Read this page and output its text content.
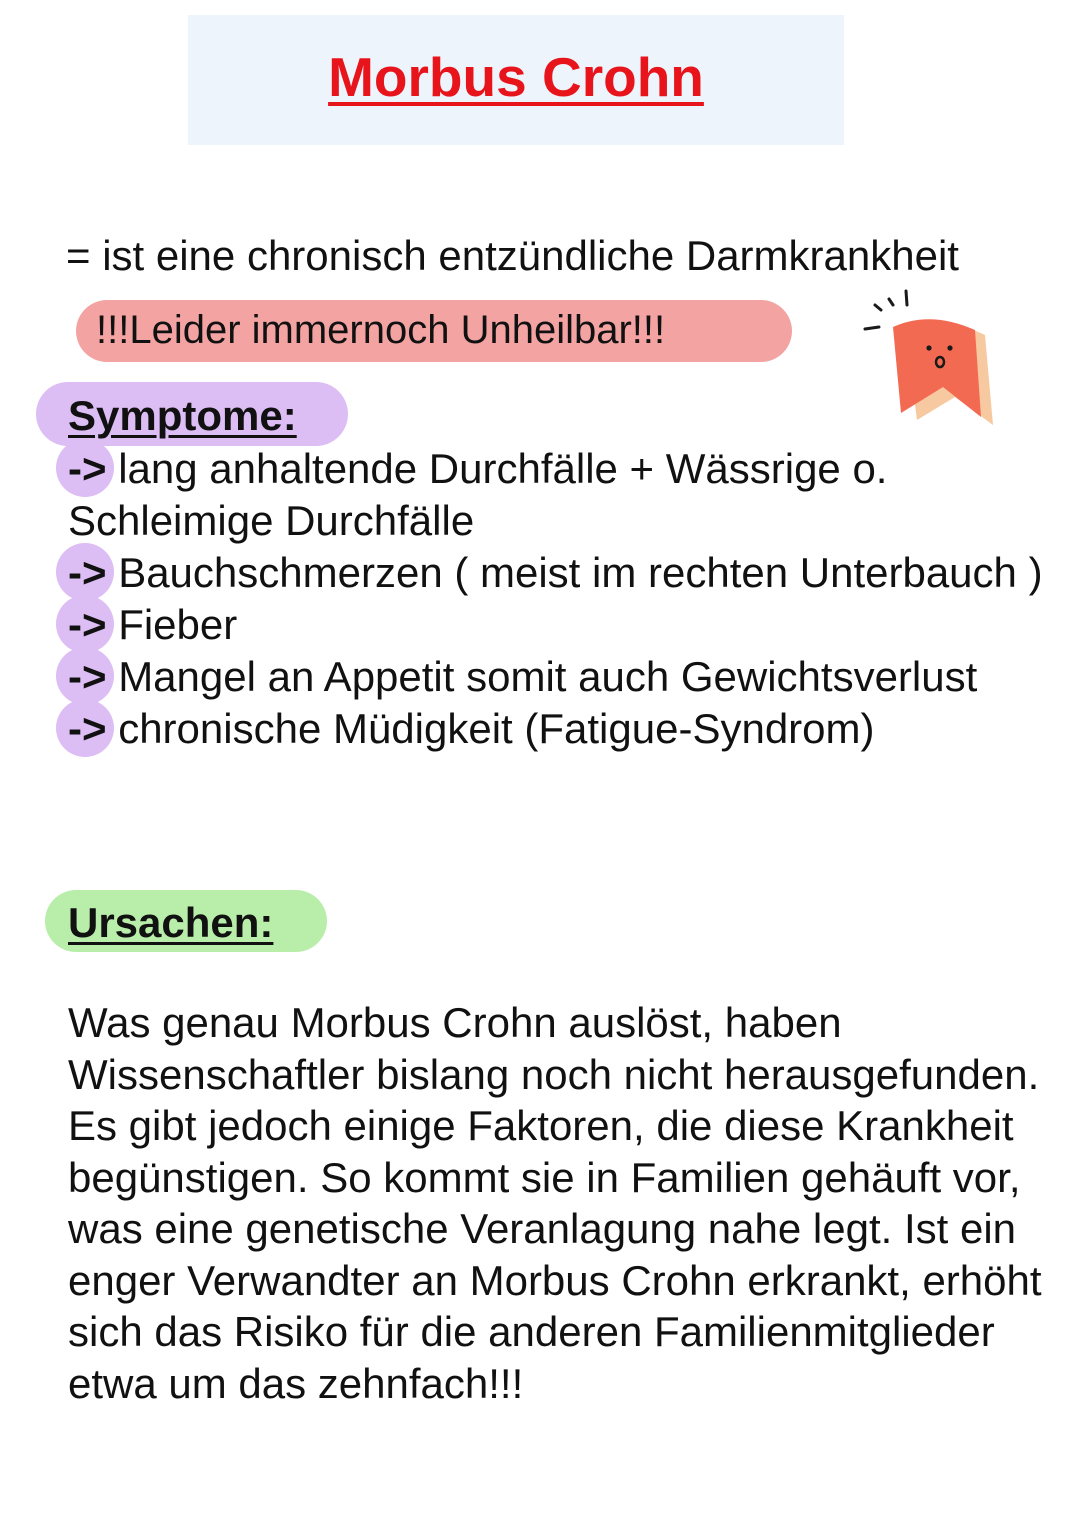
Morbus Crohn
= ist eine chronisch entzündliche Darmkrankheit
!!!Leider immernoch Unheilbar!!!
Symptome:

-> lang anhaltende Durchfälle + Wässrige o. Schleimige Durchfälle

-> Bauchschmerzen ( meist im rechten Unterbauch )

-> Fieber

-> Mangel an Appetit somit auch Gewichtsverlust

-> chronische Müdigkeit (Fatigue-Syndrom)

Ursachen:
Was genau Morbus Crohn auslöst, haben Wissenschaftler bislang noch nicht herausgefunden. Es gibt jedoch einige Faktoren, die diese Krankheit begünstigen. So kommt sie in Familien gehäuft vor, was eine genetische Veranlagung nahe legt. Ist ein enger Verwandter an Morbus Crohn erkrankt, erhöht sich das Risiko für die anderen Familienmitglieder etwa um das zehnfach!!!
